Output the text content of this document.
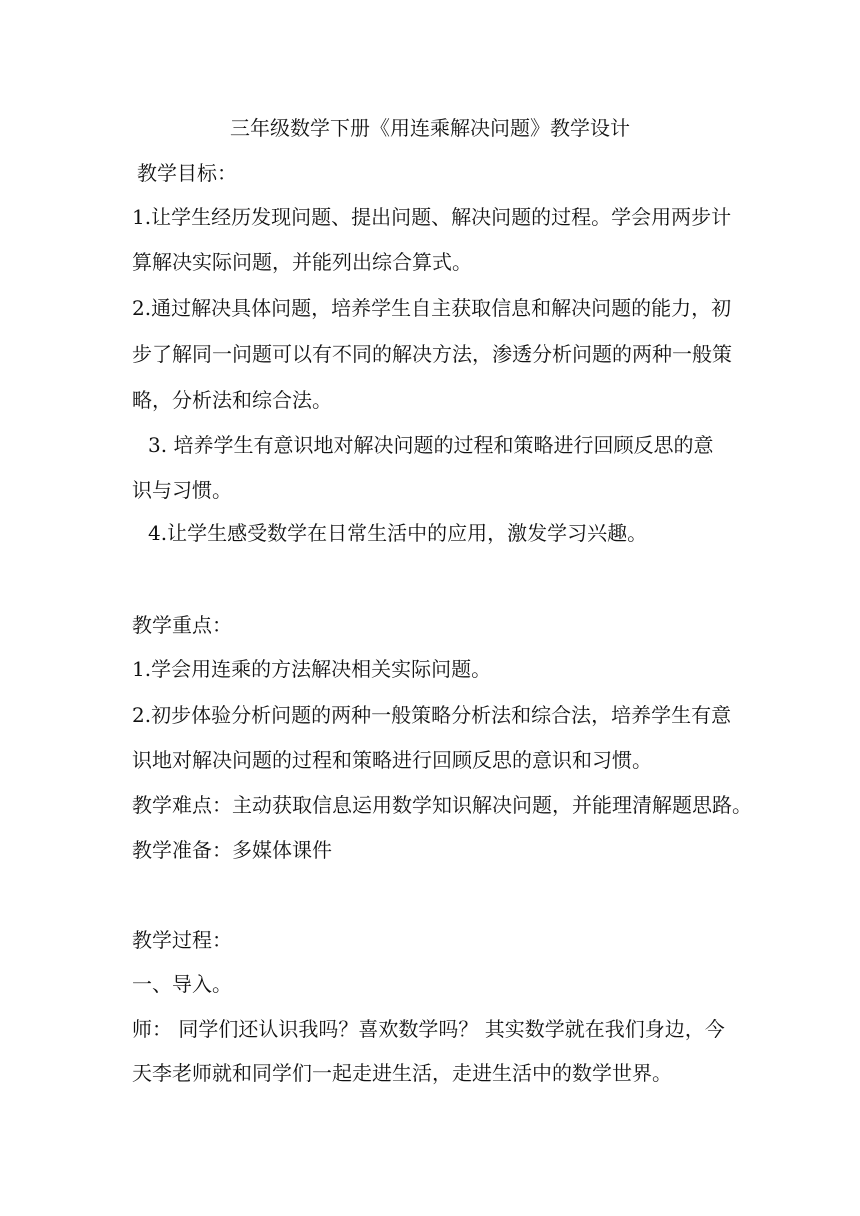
三年级数学下册《用连乘解决问题》教学设计
教学目标：
1.让学生经历发现问题、提出问题、解决问题的过程。学会用两步计
算解决实际问题，并能列出综合算式。
2.通过解决具体问题，培养学生自主获取信息和解决问题的能力，初
步了解同一问题可以有不同的解决方法，渗透分析问题的两种一般策
略，分析法和综合法。
3. 培养学生有意识地对解决问题的过程和策略进行回顾反思的意
识与习惯。
4.让学生感受数学在日常生活中的应用，激发学习兴趣。
教学重点：
1.学会用连乘的方法解决相关实际问题。
2.初步体验分析问题的两种一般策略分析法和综合法，培养学生有意
识地对解决问题的过程和策略进行回顾反思的意识和习惯。
教学难点：主动获取信息运用数学知识解决问题，并能理清解题思路。
教学准备：多媒体课件
教学过程：
一、导入。
师： 同学们还认识我吗？喜欢数学吗？ 其实数学就在我们身边，今
天李老师就和同学们一起走进生活，走进生活中的数学世界。
